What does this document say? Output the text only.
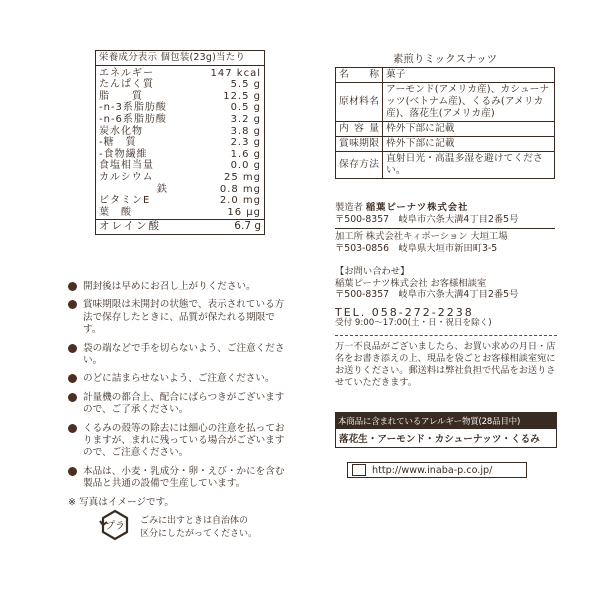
栄養成分表示 個包装(23g)当たり
エネルギー	147 kcal
たんぱく質	5.5 g
脂　　質	12.5 g
-n-3系脂肪酸	0.5 g
-n-6系脂肪酸	3.2 g
炭水化物	3.8 g
-糖　質	2.3 g
-食物繊維	1.6 g
食塩相当量	0.0 g
カルシウム	25 mg
鉄	0.8 mg
ビタミンE	2.0 mg
葉　酸	16 μg
オレイン酸	6.7 g
開封後は早めにお召し上がりください。
賞味期限は未開封の状態で、表示されている方法で保存したときに、品質が保たれる期限です。
袋の端などで手を切らないよう、ご注意ください。
のどに詰まらせないよう、ご注意ください。
計量機の都合上、配合にばらつきがございますので、ご了承ください。
くるみの殻等の除去には細心の注意を払っておりますが、まれに残っている場合がございますので、ご注意ください。
本品は、小麦・乳成分・卵・えび・かにを含む製品と共通の設備で生産しています。
※ 写真はイメージです。
プラ ごみに出すときは自治体の
区分にしたがってください。
素煎りミックスナッツ
名称	菓子
原材料名	アーモンド(アメリカ産)、カシューナッツ(ベトナム産)、くるみ(アメリカ産)、落花生(アメリカ産)
内容量	枠外下部に記載
賞味期限	枠外下部に記載
保存方法	直射日光・高温多湿を避けてください。
製造者 稲葉ピーナツ株式会社
〒500-8357　岐阜市六条大溝4丁目2番5号
加工所 株式会社キィポーション 大垣工場
〒503-0856　岐阜県大垣市新田町3-5
【お問い合わせ】
稲葉ピーナツ株式会社 お客様相談室
〒500-8357　岐阜市六条大溝4丁目2番5号
TEL. 058-272-2238
受付 9:00〜17:00(土・日・祝日を除く)
万一不良品がございましたら、お買い求めの月日・店名をお書き添えの上、現品を袋ごとお客様相談室宛にお送りください。郵送料は弊社負担で代品をお送りさせていただきます。
本商品に含まれているアレルギー物質(28品目中)
落花生・アーモンド・カシューナッツ・くるみ
http://www.inaba-p.co.jp/
